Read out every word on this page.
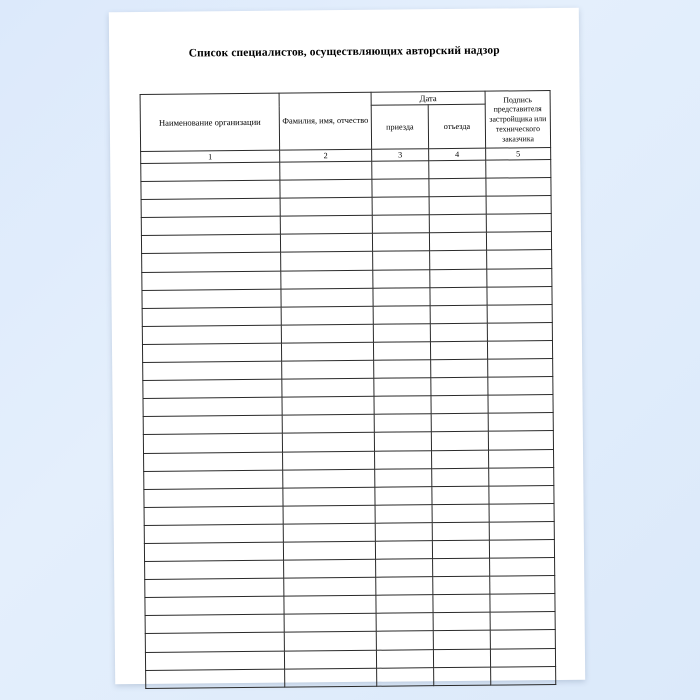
Список специалистов, осуществляющих авторский надзор
Наименование организации	Фамилия, имя, отчество	Дата		Подпись представителя застройщика или технического заказчика
		приезда	отъезда	
1	2	3	4	5
